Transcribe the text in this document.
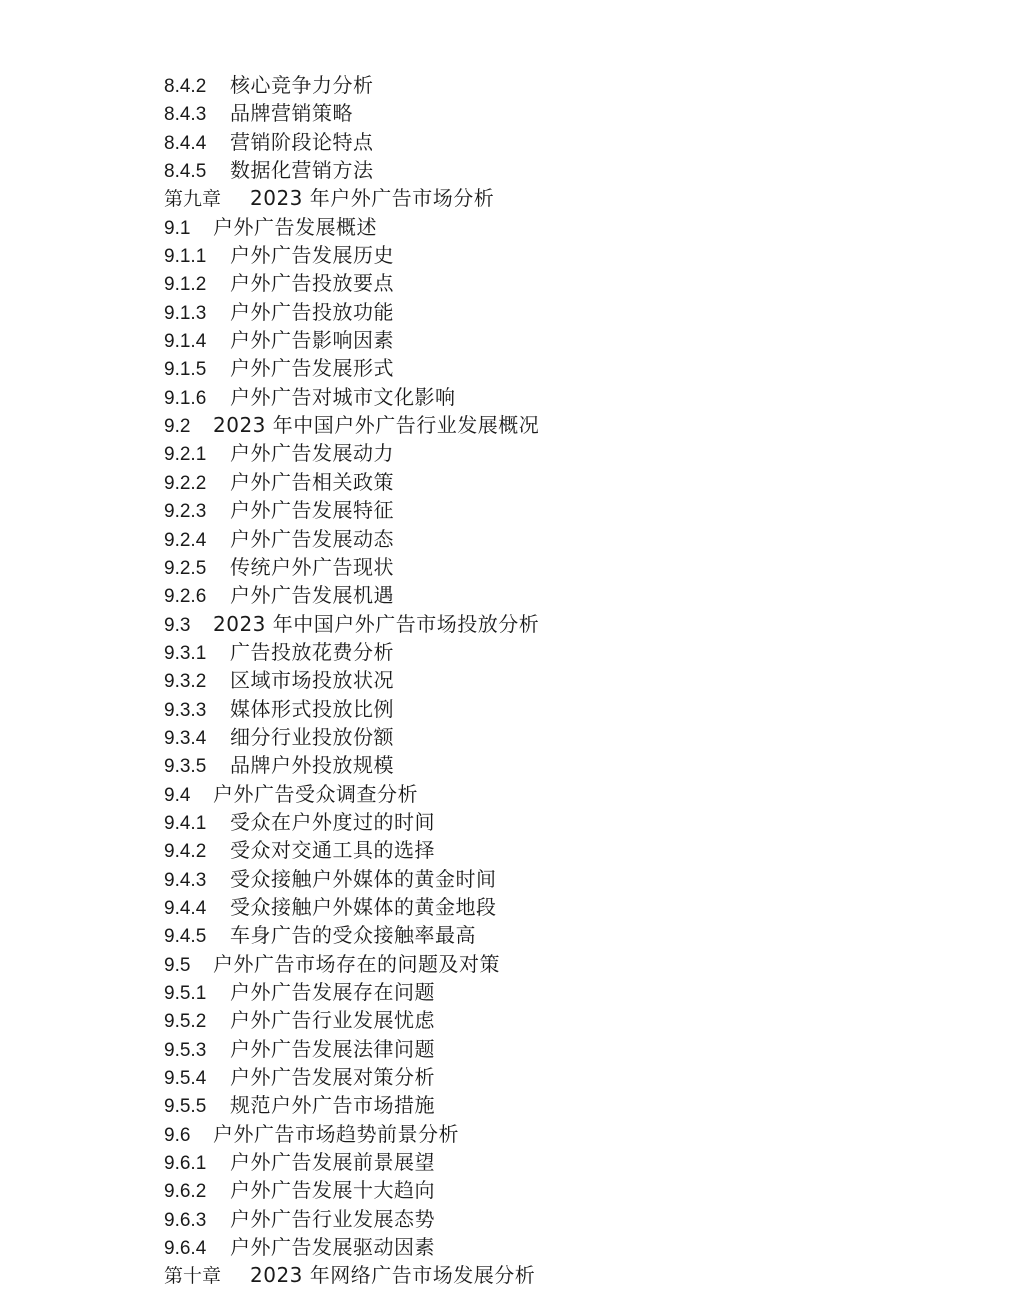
8.4.2	核心竞争力分析
8.4.3	品牌营销策略
8.4.4	营销阶段论特点
8.4.5	数据化营销方法
第九章	2023 年户外广告市场分析
9.1	户外广告发展概述
9.1.1	户外广告发展历史
9.1.2	户外广告投放要点
9.1.3	户外广告投放功能
9.1.4	户外广告影响因素
9.1.5	户外广告发展形式
9.1.6	户外广告对城市文化影响
9.2	2023 年中国户外广告行业发展概况
9.2.1	户外广告发展动力
9.2.2	户外广告相关政策
9.2.3	户外广告发展特征
9.2.4	户外广告发展动态
9.2.5	传统户外广告现状
9.2.6	户外广告发展机遇
9.3	2023 年中国户外广告市场投放分析
9.3.1	广告投放花费分析
9.3.2	区域市场投放状况
9.3.3	媒体形式投放比例
9.3.4	细分行业投放份额
9.3.5	品牌户外投放规模
9.4	户外广告受众调查分析
9.4.1	受众在户外度过的时间
9.4.2	受众对交通工具的选择
9.4.3	受众接触户外媒体的黄金时间
9.4.4	受众接触户外媒体的黄金地段
9.4.5	车身广告的受众接触率最高
9.5	户外广告市场存在的问题及对策
9.5.1	户外广告发展存在问题
9.5.2	户外广告行业发展忧虑
9.5.3	户外广告发展法律问题
9.5.4	户外广告发展对策分析
9.5.5	规范户外广告市场措施
9.6	户外广告市场趋势前景分析
9.6.1	户外广告发展前景展望
9.6.2	户外广告发展十大趋向
9.6.3	户外广告行业发展态势
9.6.4	户外广告发展驱动因素
第十章	2023 年网络广告市场发展分析
